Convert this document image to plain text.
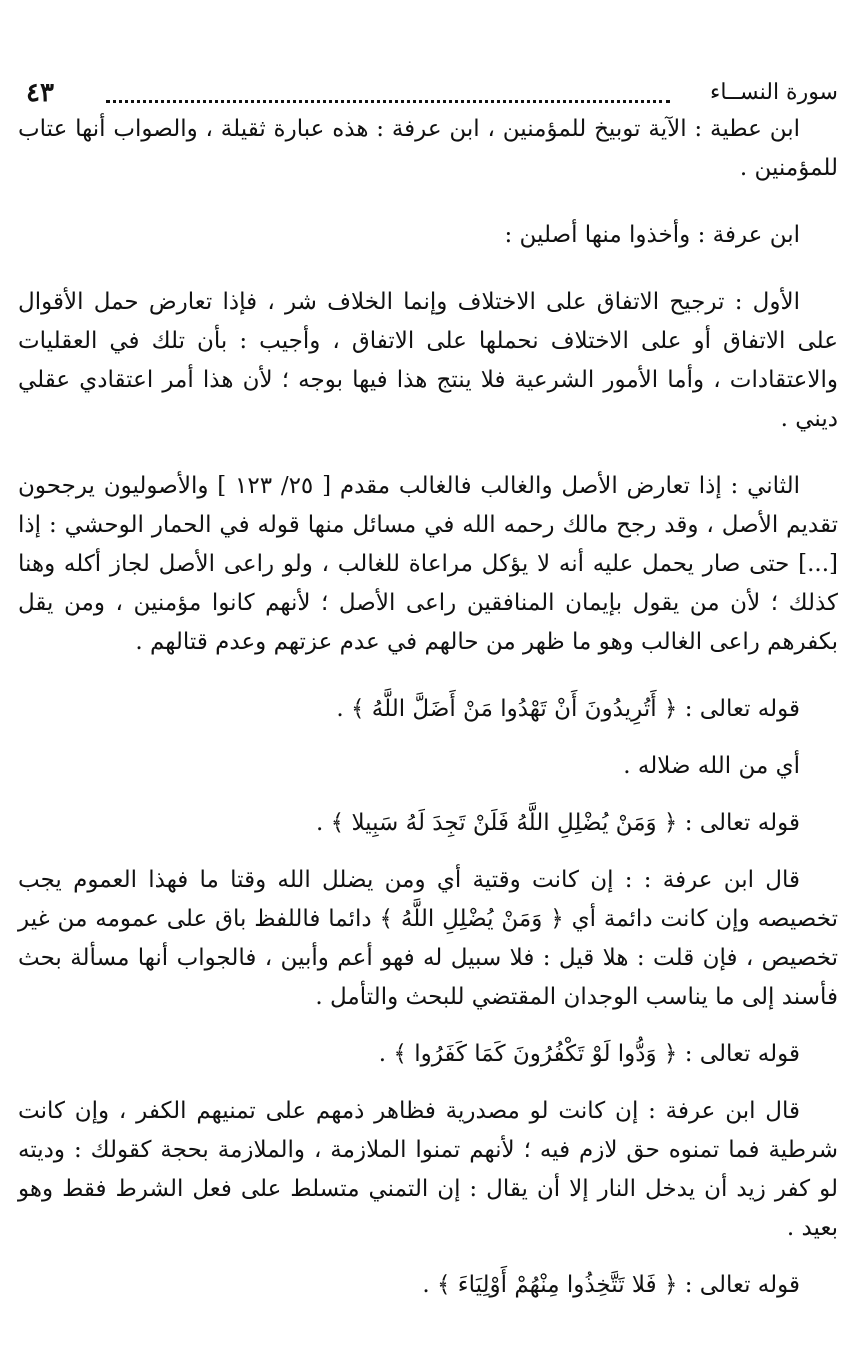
سورة النســاء
٤٣

ابن عطية : الآية توبيخ للمؤمنين ، ابن عرفة : هذه عبارة ثقيلة ، والصواب أنها عتاب للمؤمنين .

ابن عرفة : وأخذوا منها أصلين :

الأول : ترجيح الاتفاق على الاختلاف وإنما الخلاف شر ، فإذا تعارض حمل الأقوال على الاتفاق أو على الاختلاف نحملها على الاتفاق ، وأجيب : بأن تلك في العقليات والاعتقادات ، وأما الأمور الشرعية فلا ينتج هذا فيها بوجه ؛ لأن هذا أمر اعتقادي عقلي ديني .

الثاني : إذا تعارض الأصل والغالب فالغالب مقدم [ ٢٥/ ١٢٣ ] والأصوليون يرجحون تقديم الأصل ، وقد رجح مالك رحمه الله في مسائل منها قوله في الحمار الوحشي : إذا [...] حتى صار يحمل عليه أنه لا يؤكل مراعاة للغالب ، ولو راعى الأصل لجاز أكله وهنا كذلك ؛ لأن من يقول بإيمان المنافقين راعى الأصل ؛ لأنهم كانوا مؤمنين ، ومن يقل بكفرهم راعى الغالب وهو ما ظهر من حالهم في عدم عزتهم وعدم قتالهم .

قوله تعالى : ﴿ أَتُرِيدُونَ أَنْ تَهْدُوا مَنْ أَضَلَّ اللَّهُ ﴾ .

أي من الله ضلاله .

قوله تعالى : ﴿ وَمَنْ يُضْلِلِ اللَّهُ فَلَنْ تَجِدَ لَهُ سَبِيلا ﴾ .

قال ابن عرفة : : إن كانت وقتية أي ومن يضلل الله وقتا ما فهذا العموم يجب تخصيصه وإن كانت دائمة أي ﴿ وَمَنْ يُضْلِلِ اللَّهُ ﴾ دائما فاللفظ باق على عمومه من غير تخصيص ، فإن قلت : هلا قيل : فلا سبيل له فهو أعم وأبين ، فالجواب أنها مسألة بحث فأسند إلى ما يناسب الوجدان المقتضي للبحث والتأمل .

قوله تعالى : ﴿ وَدُّوا لَوْ تَكْفُرُونَ كَمَا كَفَرُوا ﴾ .

قال ابن عرفة : إن كانت لو مصدرية فظاهر ذمهم على تمنيهم الكفر ، وإن كانت شرطية فما تمنوه حق لازم فيه ؛ لأنهم تمنوا الملازمة ، والملازمة بحجة كقولك : وديته لو كفر زيد أن يدخل النار إلا أن يقال : إن التمني متسلط على فعل الشرط فقط وهو بعيد .

قوله تعالى : ﴿ فَلا تَتَّخِذُوا مِنْهُمْ أَوْلِيَاءَ ﴾ .
